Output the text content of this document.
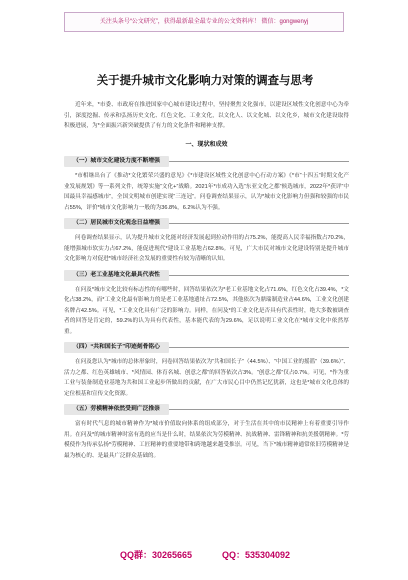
关注头条号“公文研究”，获得最新最全最专业的公文资料库！ 微信：gongwenyj
关于提升城市文化影响力对策的调查与思考

近年来，*市委、市政府在推进国家中心城市建设过程中，坚持聚焦文化强市，以建设区域性文化创意中心为牵引，深度挖掘、传承和弘扬历史文化、红色文化、工业文化，以文化人、以文化城、以文化乡，城市文化建设取得积极进展，为*全面振兴新突破提供了有力的文化条件和精神支撑。

一、现状和成效
（一）城市文化建设力度不断增强

*市相继出台了《推动*文化繁荣兴盛的意见》《*市建设区域性文化创意中心行动方案》《*市“十四五”时期文化产业发展规划》等一系列文件，统筹实施“文化+”战略。2021年*市成功入选“东亚文化之都”候选城市，2022年*获评“中国最具幸福感城市”，全国文明城市创建实现“三连冠”。问卷调查结果显示，认为*城市文化影响力但强和较强的市民占55%，评价*城市文化影响力一般的为36.8%，6.2%认为不强。

（二）居民城市文化观念日益增强

问卷调查结果显示，认为提升城市文化能对经济发展起到拉动作用的占75.2%，能提高人民幸福指数占70.2%，能增强城市软实力占67.2%，能促进现代*建设工业基地占62.8%。可见，广大市民对城市文化建设特别是提升城市文化影响力对促进*城市经济社会发展的重要性有较为清晰的认知。

（三）老工业基地文化最具代表性

在问及*城市文化比较有标志性的有哪些时，回答结果依次为*老工业基地文化占71.6%，红色文化占39.4%，*文化占38.2%，而*工业文化最有影响力的是老工业基地遗址占72.5%，其他依次为鼎瑞制造业占44.6%，工业文化创建名牌占42.5%。可见，*工业文化具有广泛的影响力。同样，在问及*的工业文化是否具有代表性时，绝大多数被调查者的回答是肯定的，59.2%的认为具有代表性，基本能代表的为29.6%，足以说明工业文化在*城市文化中依然厚重。

（四）“共和国长子”印迹刻骨铭心

在问及您认为*城市的总体形象时，问卷回答结果依次为“共和国长子”（44.5%）、“中国工业的摇篮”（39.6%）”、活力之都、红色英雄城市、*风情园、体育名城、创意之都”的回答依次占3%。“创意之都”仅占0.7%。可见，*作为重工业与装备制造业基地为共和国工业起步所做出的贡献，在广大市民心目中仍然记忆犹新，这也是*城市文化总体的定位根基和宣传文化资源。

（五）劳模精神依然受到广泛推崇

富有时代气息的城市精神作为*城市价值取向体系的组成部分，对于生活在其中的市民精神上有着重要引导作用。在问及*的城市精神时富有选的应当是什么时，结果依次为劳模精神、抗战精神、雷锋精神和抗美援朝精神。*劳模使作为传承弘扬*劳模精神、工匠精神的重要地带和跨地越来越受推崇。可见，当下*城市精神通常依旧劳模精神是最为核心的、是最具广泛群众基础的。

QQ群：30265665	QQ：535304092
